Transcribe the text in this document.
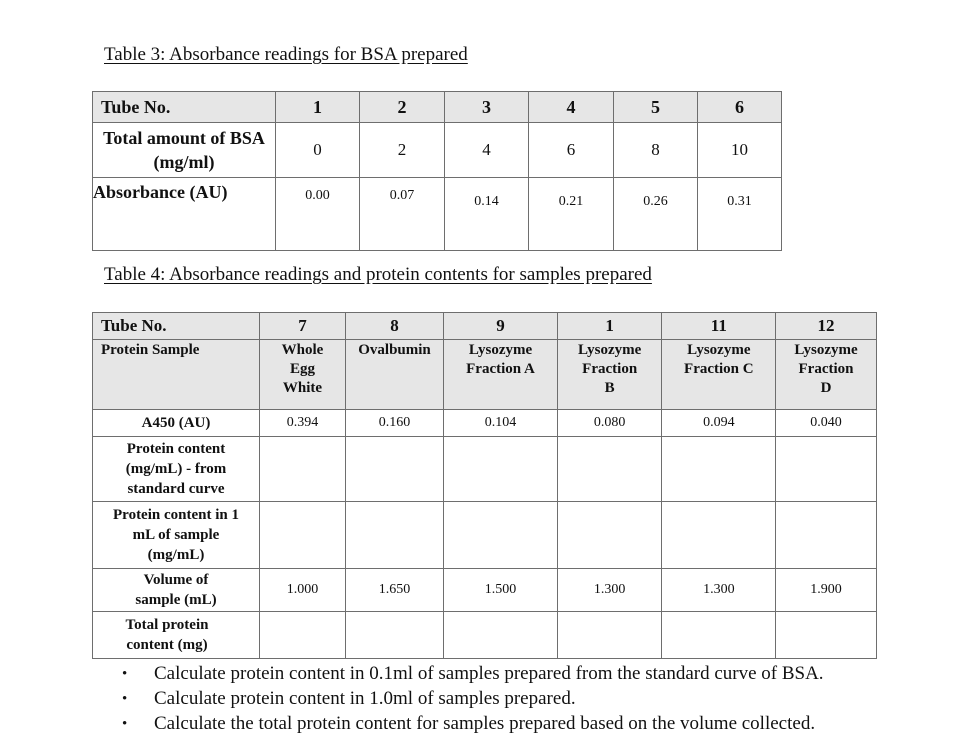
Table 3: Absorbance readings for BSA prepared
Tube No.	1	2	3	4	5	6
Total amount of BSA (mg/ml)	0	2	4	6	8	10
Absorbance (AU)	0.00	0.07	0.14	0.21	0.26	0.31
Table 4: Absorbance readings and protein contents for samples prepared
Tube No.	7	8	9	1	11	12
Protein Sample	Whole Egg White	Ovalbumin	Lysozyme Fraction A	Lysozyme Fraction B	Lysozyme Fraction C	Lysozyme Fraction D
A450 (AU)	0.394	0.160	0.104	0.080	0.094	0.040
Protein content (mg/mL) - from standard curve						
Protein content in 1 mL of sample (mg/mL)						
Volume of sample (mL)	1.000	1.650	1.500	1.300	1.300	1.900
Total protein content (mg)						
• Calculate protein content in 0.1ml of samples prepared from the standard curve of BSA.
• Calculate protein content in 1.0ml of samples prepared.
• Calculate the total protein content for samples prepared based on the volume collected.
